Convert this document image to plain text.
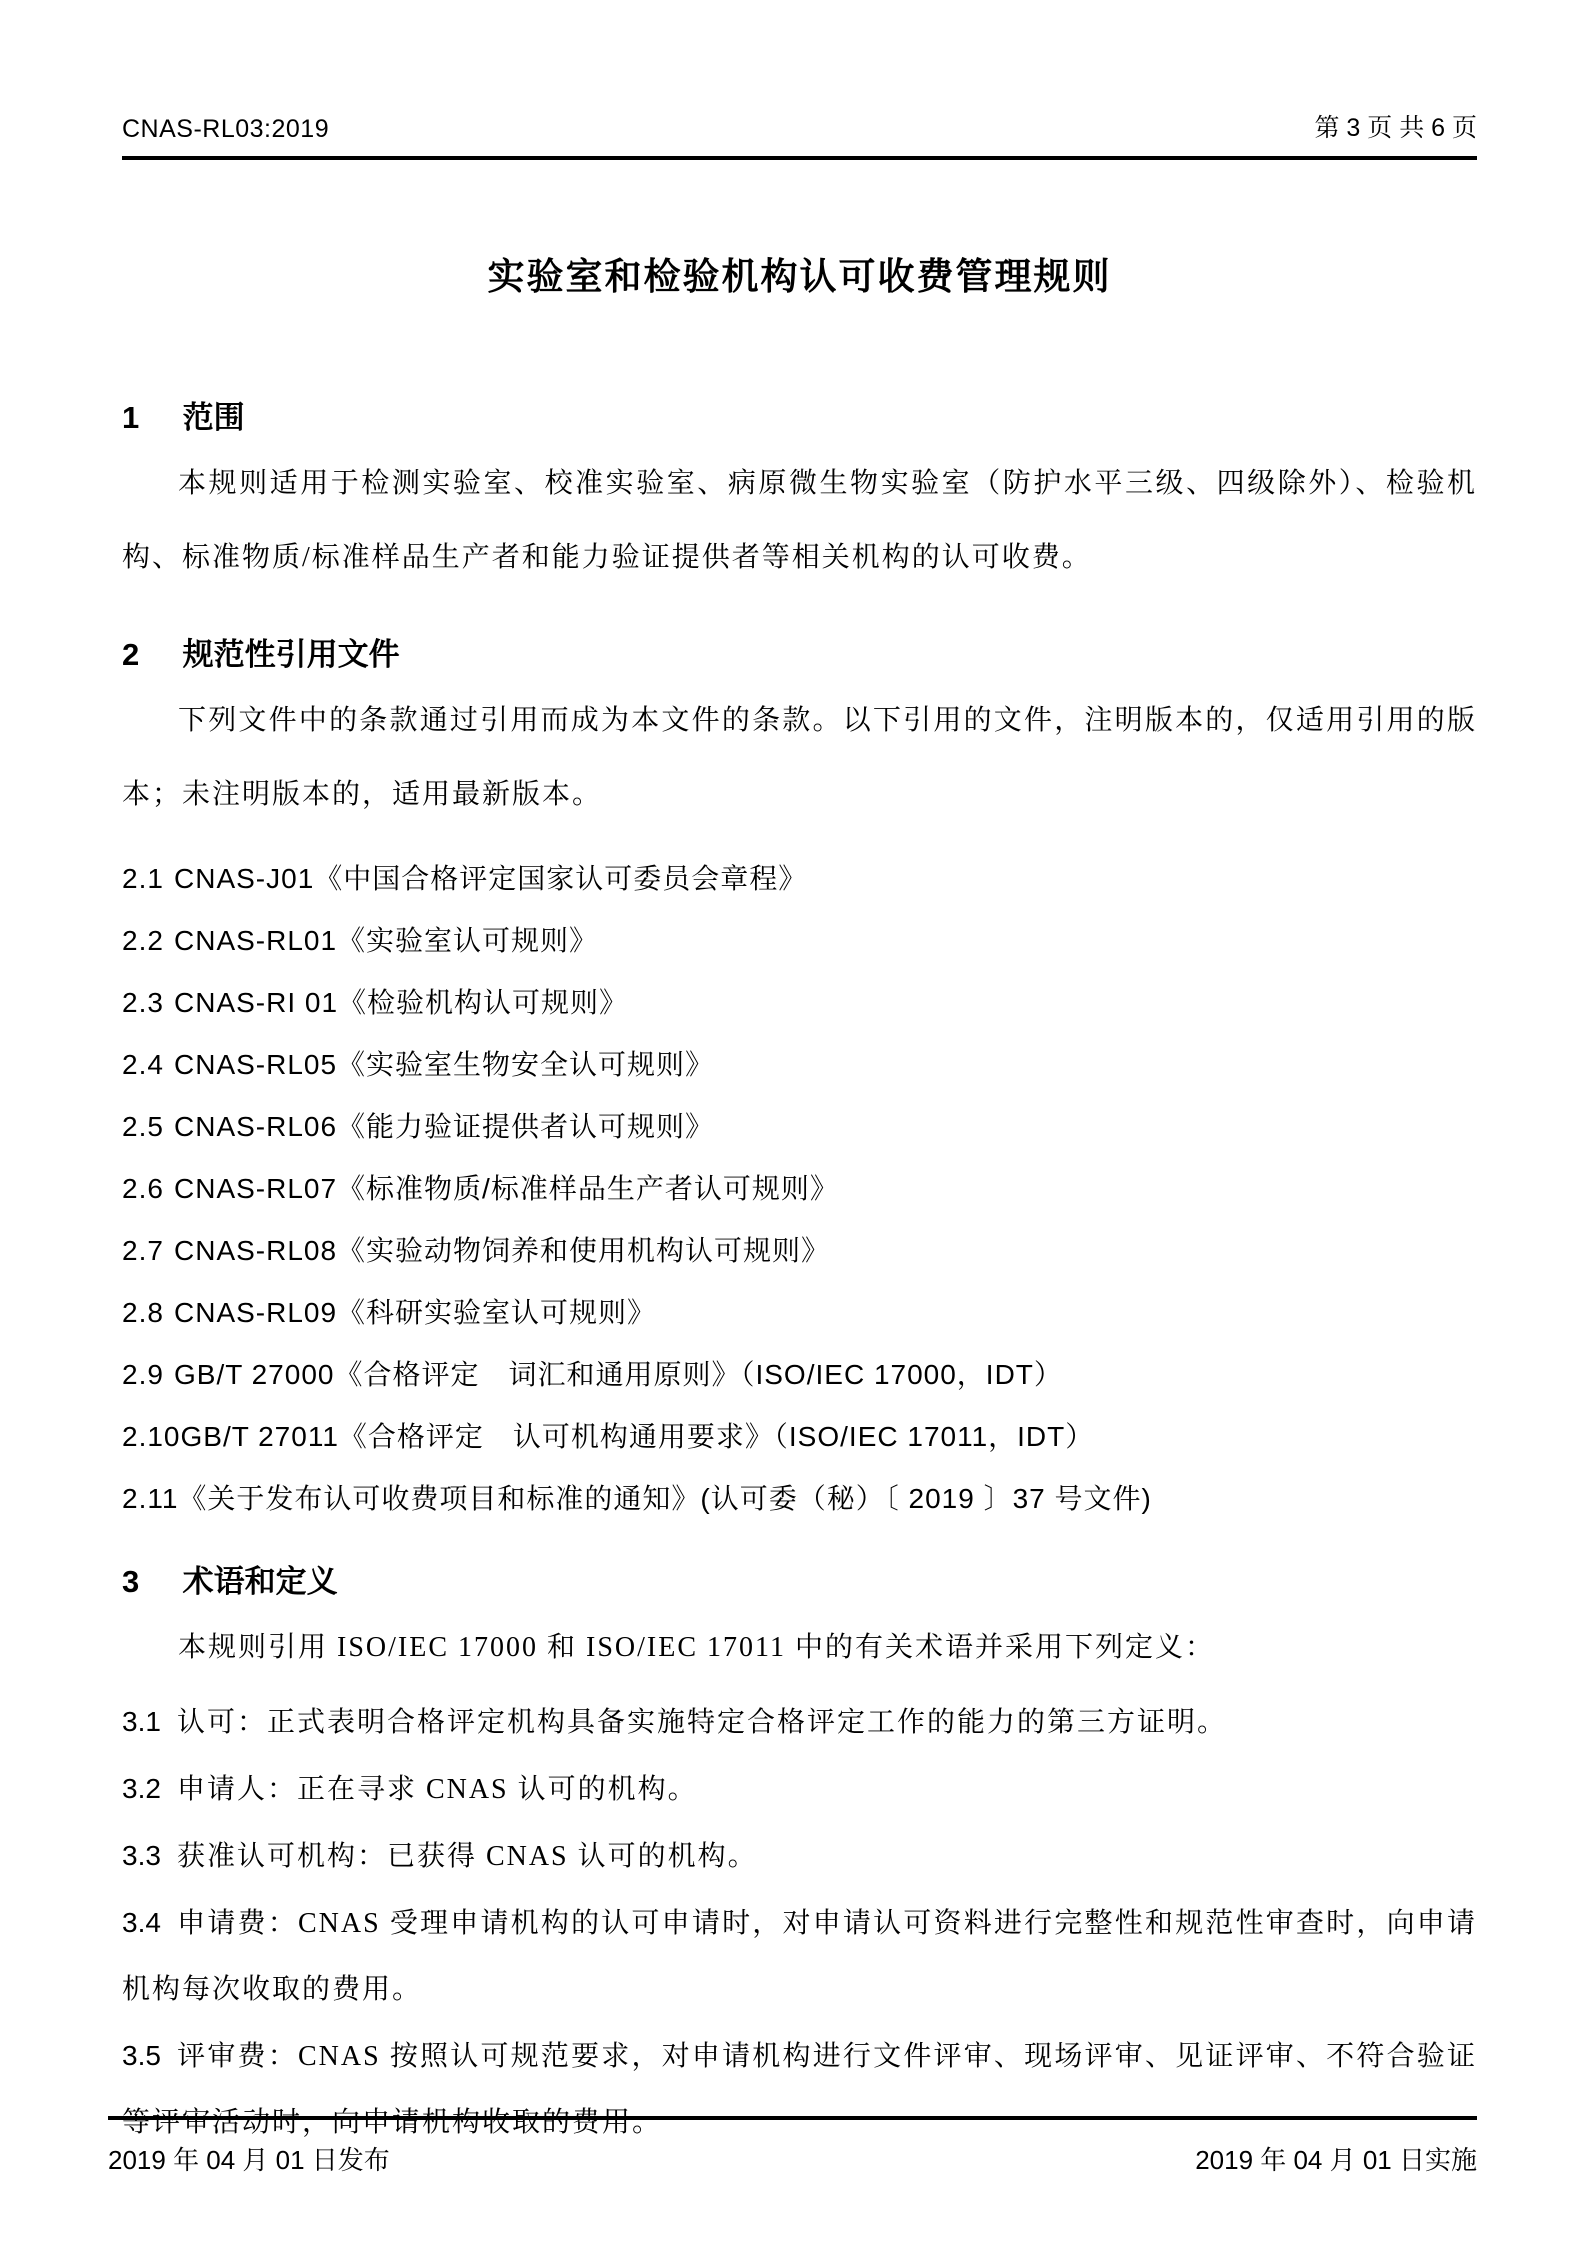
CNAS-RL03:2019	第 3 页 共 6 页
实验室和检验机构认可收费管理规则
1 范围

本规则适用于检测实验室、校准实验室、病原微生物实验室（防护水平三级、四级除外）、检验机构、标准物质/标准样品生产者和能力验证提供者等相关机构的认可收费。

2 规范性引用文件

下列文件中的条款通过引用而成为本文件的条款。以下引用的文件，注明版本的，仅适用引用的版本；未注明版本的，适用最新版本。

2.1 CNAS-J01《中国合格评定国家认可委员会章程》

2.2 CNAS-RL01《实验室认可规则》

2.3 CNAS-RI 01《检验机构认可规则》

2.4 CNAS-RL05《实验室生物安全认可规则》

2.5 CNAS-RL06《能力验证提供者认可规则》

2.6 CNAS-RL07《标准物质/标准样品生产者认可规则》

2.7 CNAS-RL08《实验动物饲养和使用机构认可规则》

2.8 CNAS-RL09《科研实验室认可规则》

2.9 GB/T 27000《合格评定　词汇和通用原则》（ISO/IEC 17000，IDT）

2.10GB/T 27011《合格评定　认可机构通用要求》（ISO/IEC 17011，IDT）

2.11《关于发布认可收费项目和标准的通知》(认可委（秘）〔 2019 〕37 号文件)

3 术语和定义

本规则引用 ISO/IEC 17000 和 ISO/IEC 17011 中的有关术语并采用下列定义：

3.1 认可：正式表明合格评定机构具备实施特定合格评定工作的能力的第三方证明。

3.2 申请人：正在寻求 CNAS 认可的机构。

3.3 获准认可机构：已获得 CNAS 认可的机构。

3.4 申请费：CNAS 受理申请机构的认可申请时，对申请认可资料进行完整性和规范性审查时，向申请机构每次收取的费用。

3.5 评审费：CNAS 按照认可规范要求，对申请机构进行文件评审、现场评审、见证评审、不符合验证等评审活动时，向申请机构收取的费用。

2019 年 04 月 01 日发布	2019 年 04 月 01 日实施
